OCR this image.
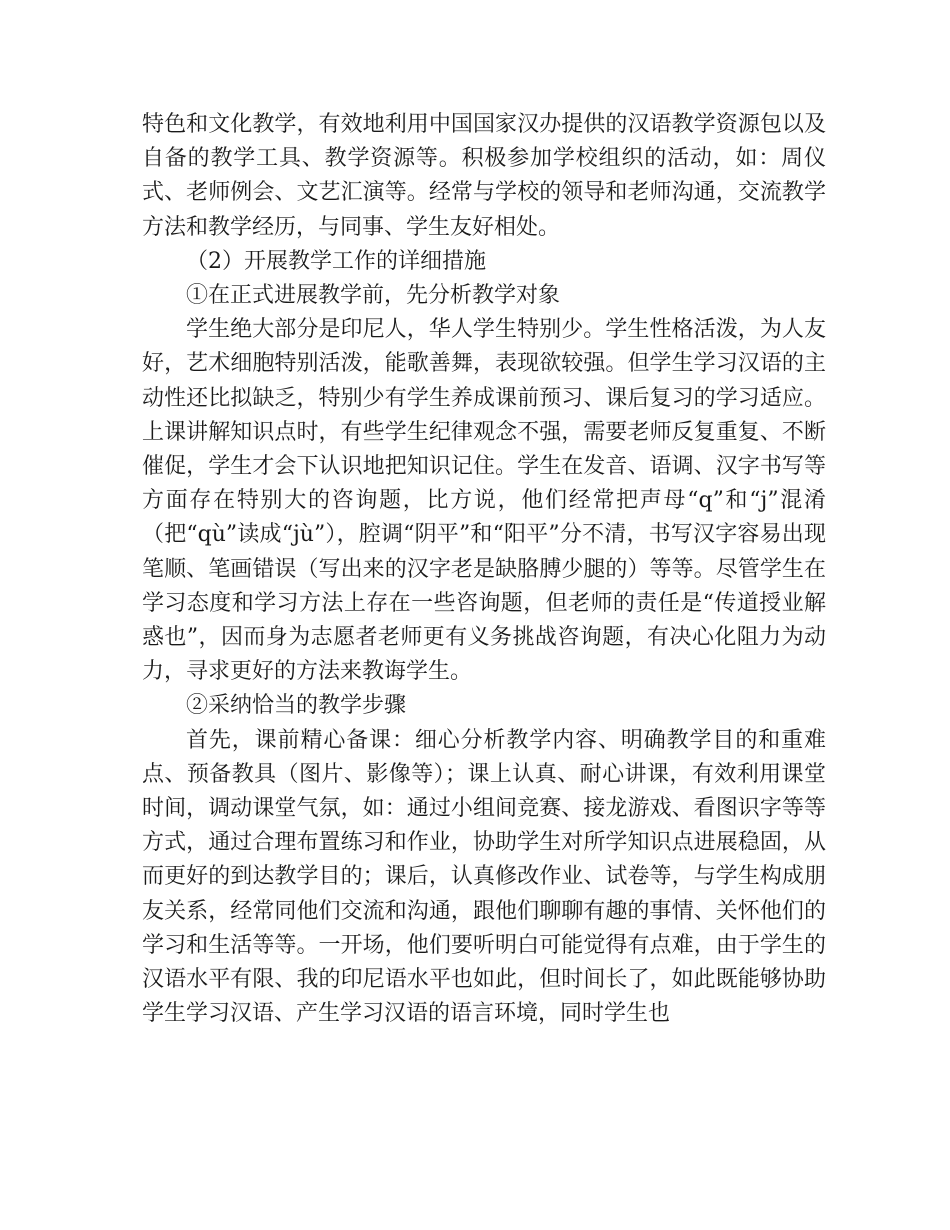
特色和文化教学，有效地利用中国国家汉办提供的汉语教学资源包以及自备的教学工具、教学资源等。积极参加学校组织的活动，如：周仪式、老师例会、文艺汇演等。经常与学校的领导和老师沟通，交流教学方法和教学经历，与同事、学生友好相处。

（2）开展教学工作的详细措施

①在正式进展教学前，先分析教学对象

学生绝大部分是印尼人，华人学生特别少。学生性格活泼，为人友好，艺术细胞特别活泼，能歌善舞，表现欲较强。但学生学习汉语的主动性还比拟缺乏，特别少有学生养成课前预习、课后复习的学习适应。上课讲解知识点时，有些学生纪律观念不强，需要老师反复重复、不断催促，学生才会下认识地把知识记住。学生在发音、语调、汉字书写等方面存在特别大的咨询题，比方说，他们经常把声母“q”和“j”混淆（把“qù”读成“jù”），腔调“阴平”和“阳平”分不清，书写汉字容易出现笔顺、笔画错误（写出来的汉字老是缺胳膊少腿的）等等。尽管学生在学习态度和学习方法上存在一些咨询题，但老师的责任是“传道授业解惑也”，因而身为志愿者老师更有义务挑战咨询题，有决心化阻力为动力，寻求更好的方法来教诲学生。

②采纳恰当的教学步骤

首先，课前精心备课：细心分析教学内容、明确教学目的和重难点、预备教具（图片、影像等）；课上认真、耐心讲课，有效利用课堂时间，调动课堂气氛，如：通过小组间竞赛、接龙游戏、看图识字等等方式，通过合理布置练习和作业，协助学生对所学知识点进展稳固，从而更好的到达教学目的；课后，认真修改作业、试卷等，与学生构成朋友关系，经常同他们交流和沟通，跟他们聊聊有趣的事情、关怀他们的学习和生活等等。一开场，他们要听明白可能觉得有点难，由于学生的汉语水平有限、我的印尼语水平也如此，但时间长了，如此既能够协助学生学习汉语、产生学习汉语的语言环境，同时学生也
